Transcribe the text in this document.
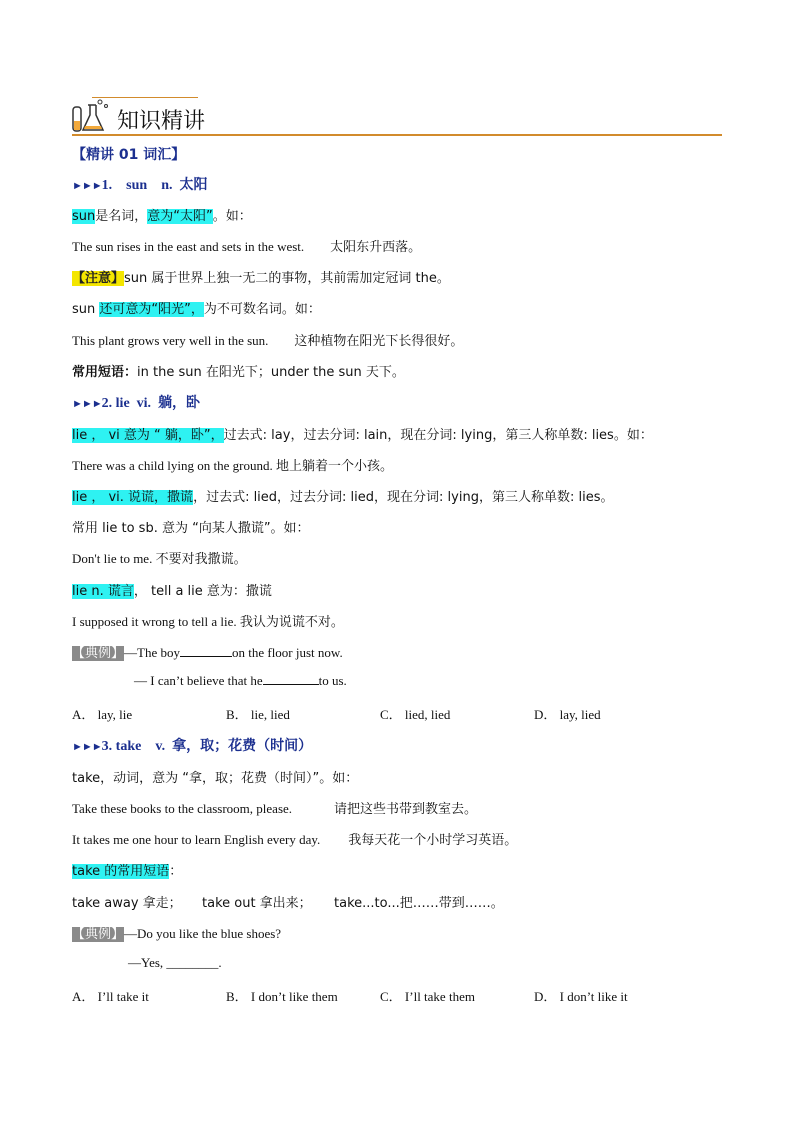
知识精讲
【精讲 01 词汇】
►►►1. sun n. 太阳
sun是名词，意为“太阳”。如：
The sun rises in the east and sets in the west. 太阳东升西落。
【注意】sun 属于世界上独一无二的事物，其前需加定冠词 the。
sun 还可意为“阳光”，为不可数名词。如：
This plant grows very well in the sun. 这种植物在阳光下长得很好。
常用短语：in the sun 在阳光下；under the sun 天下。
►►►2. lie vi. 躺，卧
lie ， vi 意为 “ 躺，卧”，过去式: lay，过去分词: lain，现在分词: lying，第三人称单数: lies。如：
There was a child lying on the ground. 地上躺着一个小孩。
lie ， vi. 说谎，撒谎，过去式: lied，过去分词: lied，现在分词: lying，第三人称单数: lies。
常用 lie to sb. 意为 “向某人撒谎”。如：
Don't lie to me. 不要对我撒谎。
lie n. 谎言， tell a lie 意为：撒谎
I supposed it wrong to tell a lie. 我认为说谎不对。
【典例】—The boy	on the floor just now.
— I can’t believe that he	to us.
A． lay, lie	B． lie, lied	C． lied, lied	D． lay, lied
►►►3. take v. 拿，取；花费（时间）
take，动词，意为 “拿，取；花费（时间）”。如：
Take these books to the classroom, please.	请把这些书带到教室去。
It takes me one hour to learn English every day. 我每天花一个小时学习英语。
take 的常用短语：
take away 拿走； take out 拿出来； take...to...把……带到……。
【典例】—Do you like the blue shoes?
—Yes, ________.
A． I’ll take it	B． I don’t like them	C． I’ll take them	D． I don’t like it
